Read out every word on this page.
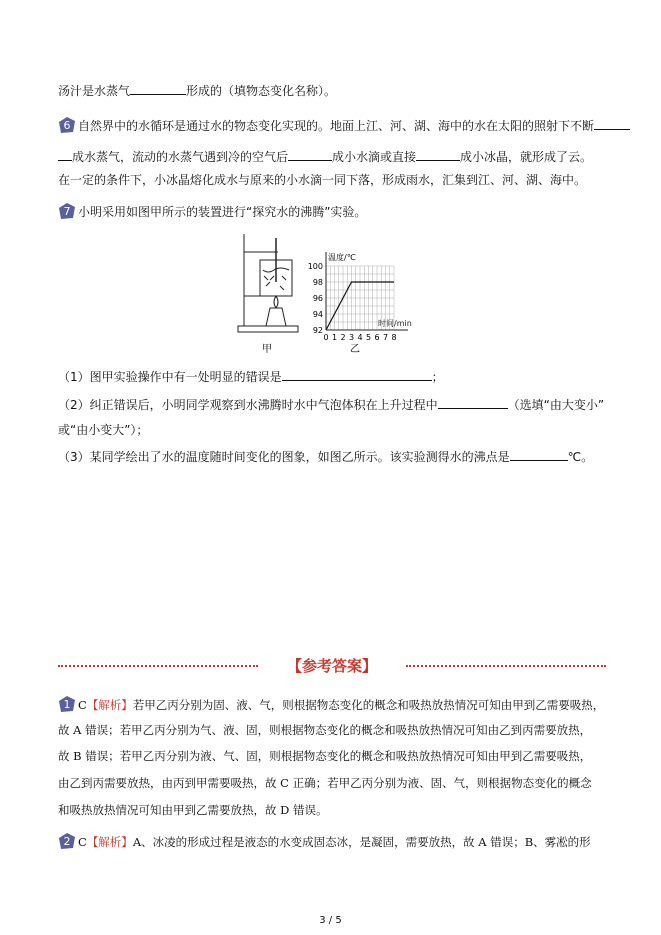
汤汁是水蒸气	形成的（填物态变化名称）。
6 自然界中的水循环是通过水的物态变化实现的。地面上江、河、湖、海中的水在太阳的照射下不断
成水蒸气，流动的水蒸气遇到冷的空气后	成小水滴或直接	成小冰晶，就形成了云。
在一定的条件下，小冰晶熔化成水与原来的小水滴一同下落，形成雨水，汇集到江、河、湖、海中。
7 小明采用如图甲所示的装置进行“探究水的沸腾”实验。
甲
92
94
96
98
100
0 1 2 3 4 5 6 7 8
温度/℃
时间/min
乙
（1）图甲实验操作中有一处明显的错误是	；
（2）纠正错误后，小明同学观察到水沸腾时水中气泡体积在上升过程中	（选填“由大变小”
或“由小变大”）；
（3）某同学绘出了水的温度随时间变化的图象，如图乙所示。该实验测得水的沸点是	℃。
【参考答案】
1 C【解析】若甲乙丙分别为固、液、气，则根据物态变化的概念和吸热放热情况可知由甲到乙需要吸热，
故 A 错误；若甲乙丙分别为气、液、固，则根据物态变化的概念和吸热放热情况可知由乙到丙需要放热，
故 B 错误；若甲乙丙分别为液、气、固，则根据物态变化的概念和吸热放热情况可知由甲到乙需要吸热，
由乙到丙需要放热，由丙到甲需要吸热，故 C 正确；若甲乙丙分别为液、固、气，则根据物态变化的概念
和吸热放热情况可知由甲到乙需要放热，故 D 错误。
2 C【解析】A、冰凌的形成过程是液态的水变成固态冰，是凝固，需要放热，故 A 错误；B、雾凇的形
3 / 5
